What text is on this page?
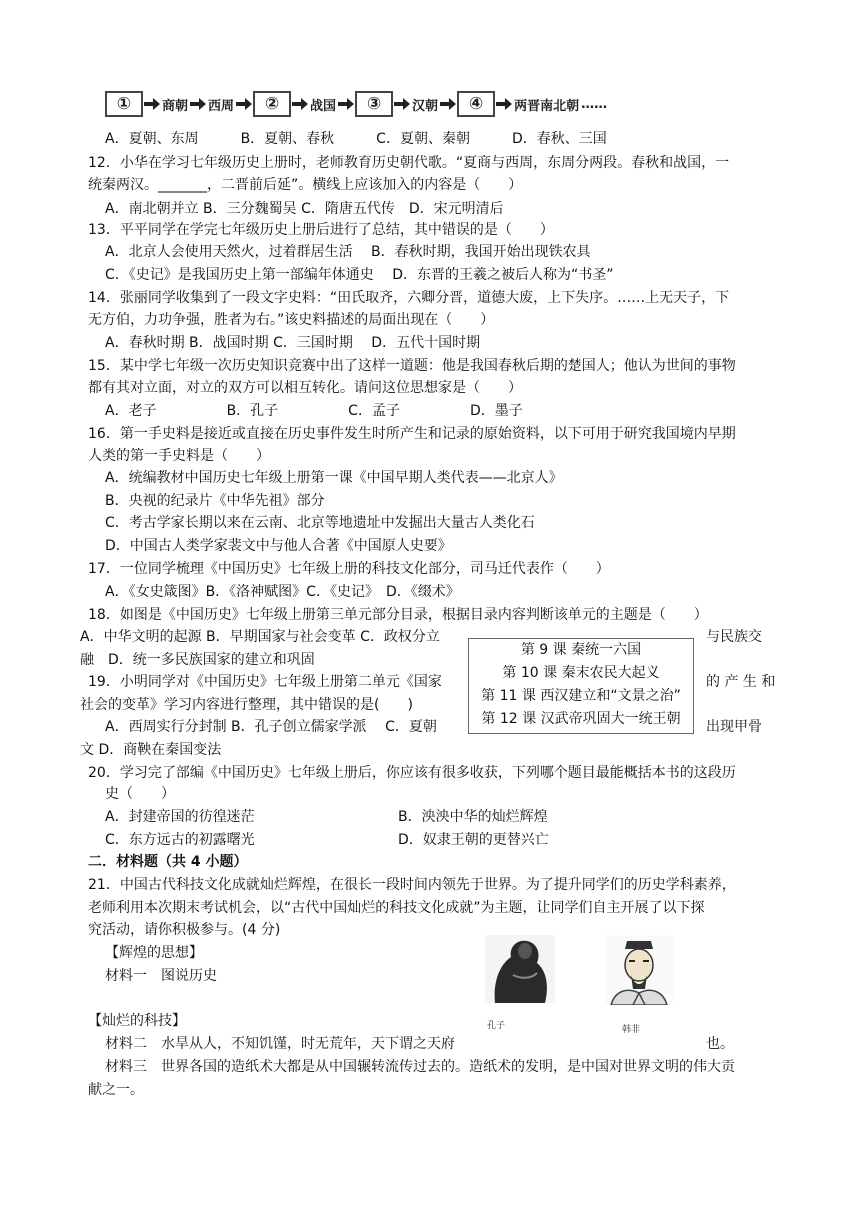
①	商朝 西周	②	战国	③	汉朝	④	两晋南北朝 ……
A．夏朝、东周　　　B．夏朝、春秋　　　C．夏朝、秦朝　　　D．春秋、三国
12．小华在学习七年级历史上册时，老师教育历史朝代歌。“夏商与西周，东周分两段。春秋和战国，一
统秦两汉。_______，二晋前后延”。横线上应该加入的内容是（　　）
A．南北朝并立 B．三分魏蜀吴 C．隋唐五代传　D．宋元明清后
13．平平同学在学完七年级历史上册后进行了总结，其中错误的是（　　）
A．北京人会使用天然火，过着群居生活　 B．春秋时期，我国开始出现铁农具
C．《史记》是我国历史上第一部编年体通史　 D．东晋的王羲之被后人称为“书圣”
14．张丽同学收集到了一段文字史料：“田氏取齐，六卿分晋，道德大废，上下失序。……上无天子，下
无方伯，力功争强，胜者为右。”该史料描述的局面出现在（　　）
A．春秋时期 B．战国时期 C．三国时期　 D．五代十国时期
15．某中学七年级一次历史知识竞赛中出了这样一道题：他是我国春秋后期的楚国人；他认为世间的事物
都有其对立面，对立的双方可以相互转化。请问这位思想家是（　　）
A．老子　　　　　B．孔子　　　　　C．孟子　　　　　D．墨子
16．第一手史料是接近或直接在历史事件发生时所产生和记录的原始资料，以下可用于研究我国境内早期
人类的第一手史料是（　　）
A．统编教材中国历史七年级上册第一课《中国早期人类代表——北京人》
B．央视的纪录片《中华先祖》部分
C．考古学家长期以来在云南、北京等地遗址中发掘出大量古人类化石
D．中国古人类学家裴文中与他人合著《中国原人史要》
17．一位同学梳理《中国历史》七年级上册的科技文化部分，司马迁代表作（　　）
A．《女史箴图》B．《洛神赋图》C．《史记》　D．《缀术》
18．如图是《中国历史》七年级上册第三单元部分目录，根据目录内容判断该单元的主题是（　　）
A．中华文明的起源 B．早期国家与社会变革 C．政权分立	与民族交
融　D．统一多民族国家的建立和巩固
第 9 课 秦统一六国
第 10 课 秦末农民大起义
第 11 课 西汉建立和“文景之治”
第 12 课 汉武帝巩固大一统王朝
19．小明同学对《中国历史》七年级上册第二单元《国家	的 产 生 和
社会的变革》学习内容进行整理，其中错误的是(　　)
A．西周实行分封制 B．孔子创立儒家学派　 C．夏朝	出现甲骨
文 D．商鞅在秦国变法
20．学习完了部编《中国历史》七年级上册后，你应该有很多收获，下列哪个题目最能概括本书的这段历
史（　　）
A．封建帝国的彷徨迷茫	B．泱泱中华的灿烂辉煌
C．东方远古的初露曙光	D．奴隶王朝的更替兴亡
二．材料题（共 4 小题）
21．中国古代科技文化成就灿烂辉煌，在很长一段时间内领先于世界。为了提升同学们的历史学科素养，
老师利用本次期末考试机会，以“古代中国灿烂的科技文化成就”为主题，让同学们自主开展了以下探
究活动，请你积极参与。(4 分)
【辉煌的思想】
材料一　图说历史
孔子	韩非
【灿烂的科技】
材料二　水旱从人，不知饥馑，时无荒年，天下谓之天府	也。
材料三　世界各国的造纸术大都是从中国辗转流传过去的。造纸术的发明，是中国对世界文明的伟大贡
献之一。
